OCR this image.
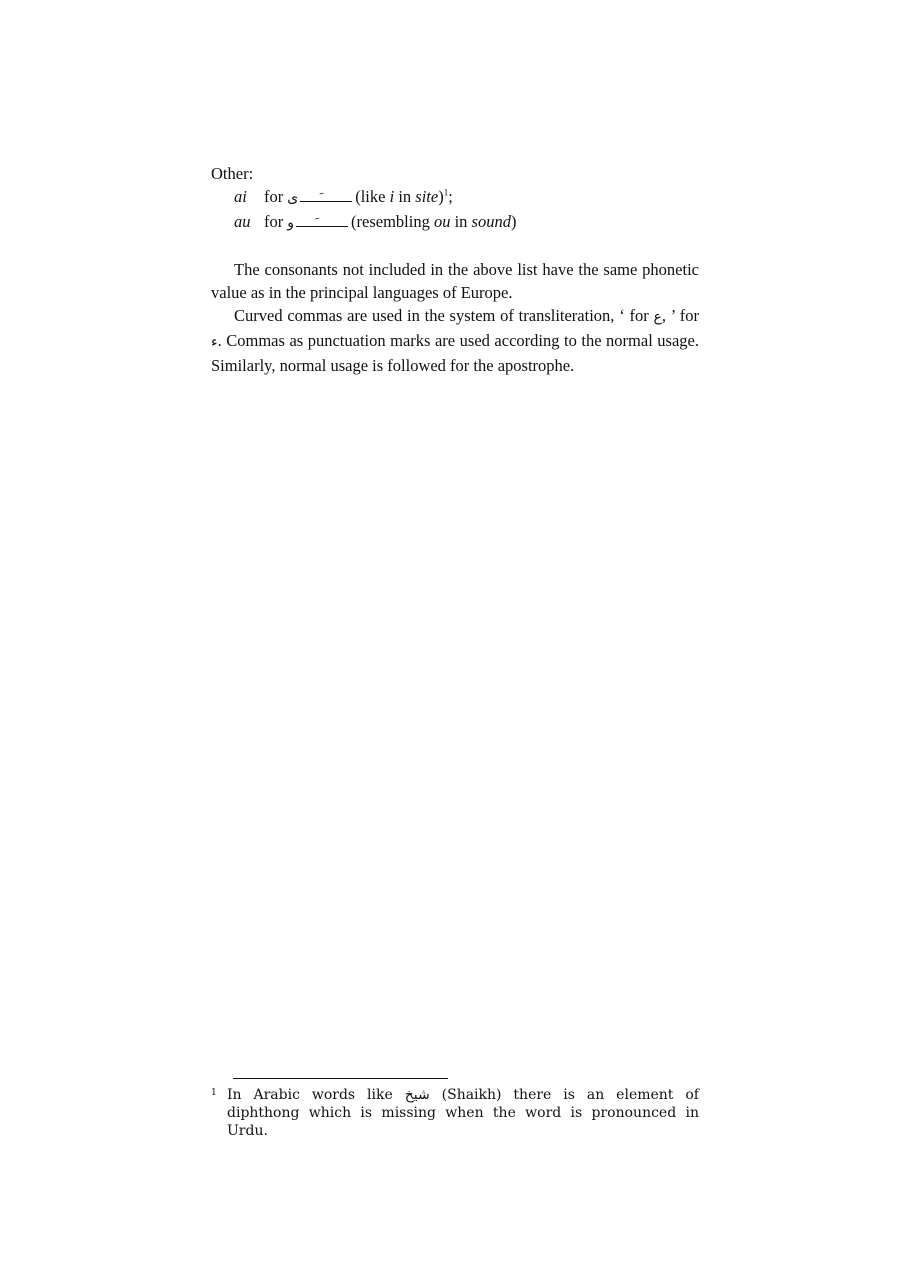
Other:

ai	for ی	(like i in site)$^1$;
au for و	(resembling ou in sound)

The consonants not included in the above list have the same phonetic value as in the principal languages of Europe.

Curved commas are used in the system of transliteration, ‘ for ع, ’ for ء. Commas as punctuation marks are used according to the normal usage. Similarly, normal usage is followed for the apostrophe.

1 In Arabic words like شيخ (Shaikh) there is an element of diphthong which is missing when the word is pronounced in Urdu.
